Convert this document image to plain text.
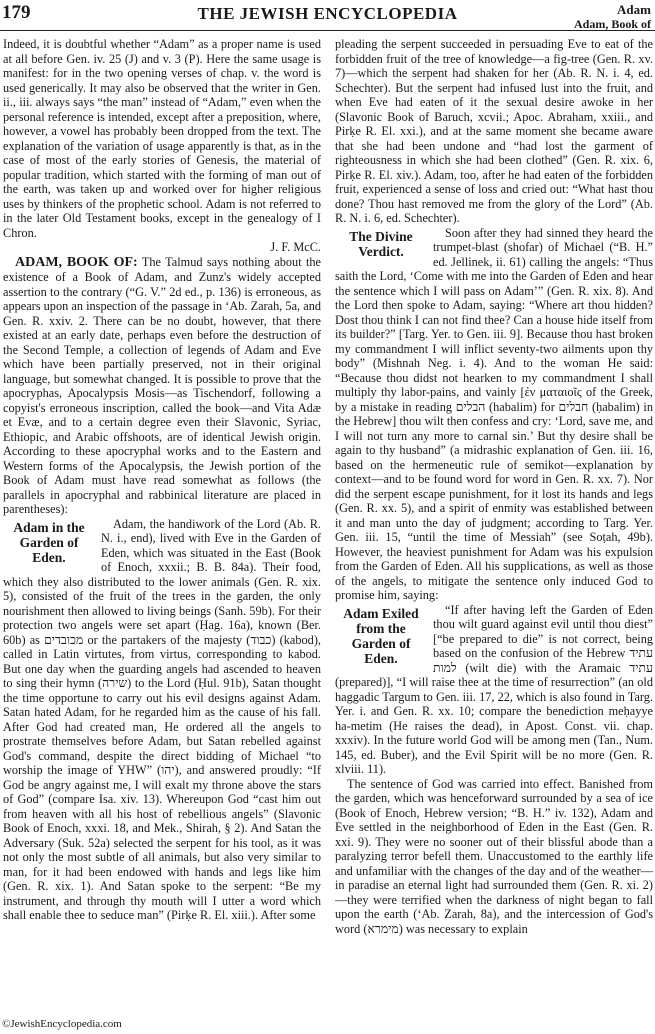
179	THE JEWISH ENCYCLOPEDIA	Adam
Adam, Book of

Indeed, it is doubtful whether “Adam” as a proper name is used at all before Gen. iv. 25 (J) and v. 3 (P). Here the same usage is manifest: for in the two opening verses of chap. v. the word is used generically. It may also be observed that the writer in Gen. ii., iii. always says “the man” instead of “Adam,” even when the personal reference is intended, except after a preposition, where, however, a vowel has probably been dropped from the text. The explanation of the variation of usage apparently is that, as in the case of most of the early stories of Genesis, the material of popular tradition, which started with the forming of man out of the earth, was taken up and worked over for higher religious uses by thinkers of the prophetic school. Adam is not referred to in the later Old Testament books, except in the genealogy of I Chron.

J. F. McC.

ADAM, BOOK OF: The Talmud says nothing about the existence of a Book of Adam, and Zunz's widely accepted assertion to the contrary (“G. V.” 2d ed., p. 136) is erroneous, as appears upon an inspection of the passage in ‘Ab. Zarah, 5a, and Gen. R. xxiv. 2. There can be no doubt, however, that there existed at an early date, perhaps even before the destruction of the Second Temple, a collection of legends of Adam and Eve which have been partially preserved, not in their original language, but somewhat changed. It is possible to prove that the apocryphas, Apocalypsis Mosis—as Tischendorf, following a copyist's erroneous inscription, called the book—and Vita Adæ et Evæ, and to a certain degree even their Slavonic, Syriac, Ethiopic, and Arabic offshoots, are of identical Jewish origin. According to these apocryphal works and to the Eastern and Western forms of the Apocalypsis, the Jewish portion of the Book of Adam must have read somewhat as follows (the parallels in apocryphal and rabbinical literature are placed in parentheses):

Adam in the Garden of Eden.
Adam, the handiwork of the Lord (Ab. R. N. i., end), lived with Eve in the Garden of Eden, which was situated in the East (Book of Enoch, xxxii.; B. B. 84a). Their food, which they also distributed to the lower animals (Gen. R. xix. 5), consisted of the fruit of the trees in the garden, the only nourishment then allowed to living beings (Sanh. 59b). For their protection two angels were set apart (Ḥag. 16a), known (Ber. 60b) as מכובדים or the partakers of the majesty (כבוד) (kabod), called in Latin virtutes, from virtus, corresponding to kabod. But one day when the guarding angels had ascended to heaven to sing their hymn (שירה) to the Lord (Ḥul. 91b), Satan thought the time opportune to carry out his evil designs against Adam. Satan hated Adam, for he regarded him as the cause of his fall. After God had created man, He ordered all the angels to prostrate themselves before Adam, but Satan rebelled against God's command, despite the direct bidding of Michael “to worship the image of YHW” (יהו), and answered proudly: “If God be angry against me, I will exalt my throne above the stars of God” (compare Isa. xiv. 13). Whereupon God “cast him out from heaven with all his host of rebellious angels” (Slavonic Book of Enoch, xxxi. 18, and Mek., Shirah, § 2). And Satan the Adversary (Suk. 52a) selected the serpent for his tool, as it was not only the most subtle of all animals, but also very similar to man, for it had been endowed with hands and legs like him (Gen. R. xix. 1). And Satan spoke to the serpent: “Be my instrument, and through thy mouth will I utter a word which shall enable thee to seduce man” (Pirḳe R. El. xiii.). After some

pleading the serpent succeeded in persuading Eve to eat of the forbidden fruit of the tree of knowledge—a fig-tree (Gen. R. xv. 7)—which the serpent had shaken for her (Ab. R. N. i. 4, ed. Schechter). But the serpent had infused lust into the fruit, and when Eve had eaten of it the sexual desire awoke in her (Slavonic Book of Baruch, xcvii.; Apoc. Abraham, xxiii., and Pirḳe R. El. xxi.), and at the same moment she became aware that she had been undone and “had lost the garment of righteousness in which she had been clothed” (Gen. R. xix. 6, Pirḳe R. El. xiv.). Adam, too, after he had eaten of the forbidden fruit, experienced a sense of loss and cried out: “What hast thou done? Thou hast removed me from the glory of the Lord” (Ab. R. N. i. 6, ed. Schechter).

The Divine Verdict.
Soon after they had sinned they heard the trumpet-blast (shofar) of Michael (“B. H.” ed. Jellinek, ii. 61) calling the angels: “Thus saith the Lord, ‘Come with me into the Garden of Eden and hear the sentence which I will pass on Adam’” (Gen. R. xix. 8). And the Lord then spoke to Adam, saying: “Where art thou hidden? Dost thou think I can not find thee? Can a house hide itself from its builder?” [Targ. Yer. to Gen. iii. 9]. Because thou hast broken my commandment I will inflict seventy-two ailments upon thy body” (Mishnah Neg. i. 4). And to the woman He said: “Because thou didst not hearken to my commandment I shall multiply thy labor-pains, and vainly [ἐν ματαιοῖς of the Greek, by a mistake in reading הבלים (habalim) for חבלים (ḥabalim) in the Hebrew] thou wilt then confess and cry: ‘Lord, save me, and I will not turn any more to carnal sin.’ But thy desire shall be again to thy husband” (a midrashic explanation of Gen. iii. 16, based on the hermeneutic rule of semikot—explanation by context—and to be found word for word in Gen. R. xx. 7). Nor did the serpent escape punishment, for it lost its hands and legs (Gen. R. xx. 5), and a spirit of enmity was established between it and man unto the day of judgment; according to Targ. Yer. Gen. iii. 15, “until the time of Messiah” (see Soṭah, 49b). However, the heaviest punishment for Adam was his expulsion from the Garden of Eden. All his supplications, as well as those of the angels, to mitigate the sentence only induced God to promise him, saying:

Adam Exiled from the Garden of Eden.
“If after having left the Garden of Eden thou wilt guard against evil until thou diest” [“be prepared to die” is not correct, being based on the confusion of the Hebrew עתיד למות (wilt die) with the Aramaic עתיד (prepared)], “I will raise thee at the time of resurrection” (an old haggadic Targum to Gen. iii. 17, 22, which is also found in Targ. Yer. i. and Gen. R. xx. 10; compare the benediction meḥayye ha-metim (He raises the dead), in Apost. Const. vii. chap. xxxiv). In the future world God will be among men (Tan., Num. 145, ed. Buber), and the Evil Spirit will be no more (Gen. R. xlviii. 11).

The sentence of God was carried into effect. Banished from the garden, which was henceforward surrounded by a sea of ice (Book of Enoch, Hebrew version; “B. H.” iv. 132), Adam and Eve settled in the neighborhood of Eden in the East (Gen. R. xxi. 9). They were no sooner out of their blissful abode than a paralyzing terror befell them. Unaccustomed to the earthly life and unfamiliar with the changes of the day and of the weather—in paradise an eternal light had surrounded them (Gen. R. xi. 2)—they were terrified when the darkness of night began to fall upon the earth (‘Ab. Zarah, 8a), and the intercession of God's word (מימרא) was necessary to explain

©JewishEncyclopedia.com
